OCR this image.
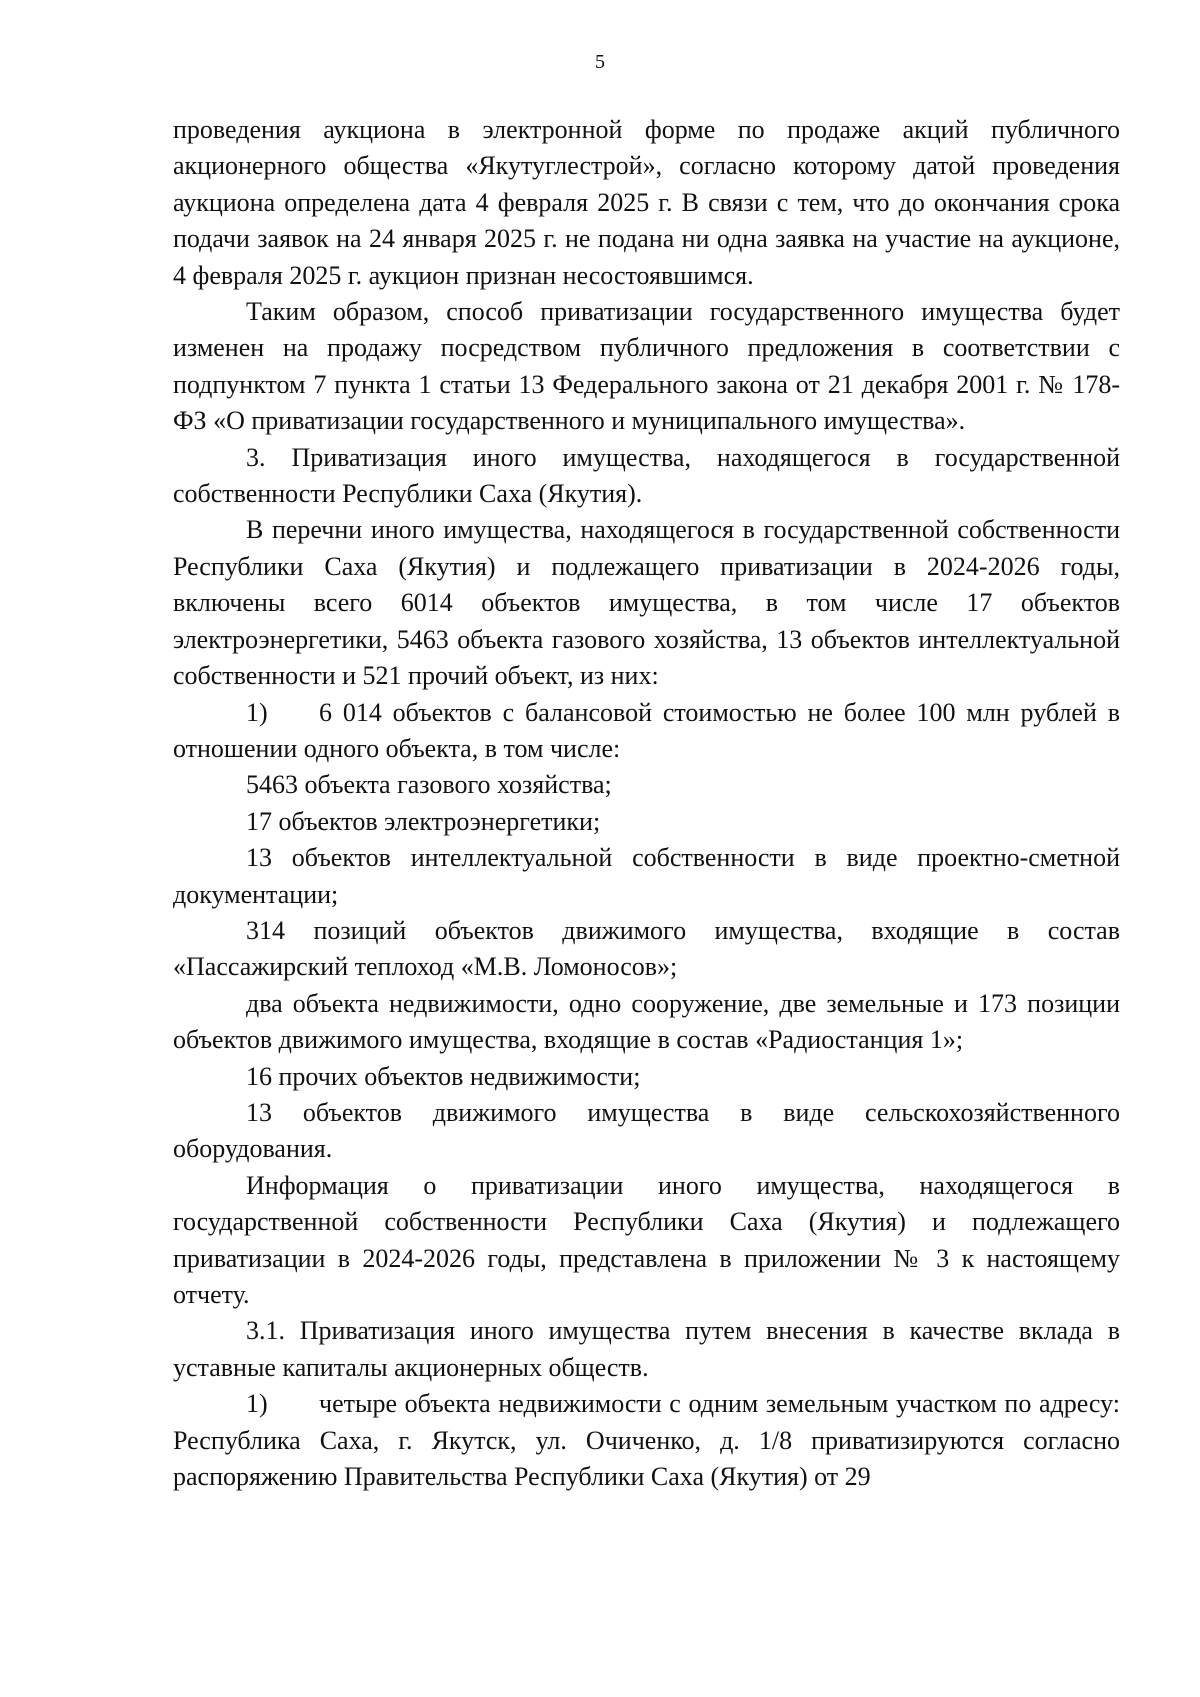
5

проведения аукциона в электронной форме по продаже акций публичного акционерного общества «Якутуглестрой», согласно которому датой проведения аукциона определена дата 4 февраля 2025 г. В связи с тем, что до окончания срока подачи заявок на 24 января 2025 г. не подана ни одна заявка на участие на аукционе, 4 февраля 2025 г. аукцион признан несостоявшимся.

Таким образом, способ приватизации государственного имущества будет изменен на продажу посредством публичного предложения в соответствии с подпунктом 7 пункта 1 статьи 13 Федерального закона от 21 декабря 2001 г. № 178-ФЗ «О приватизации государственного и муниципального имущества».

3. Приватизация иного имущества, находящегося в государственной собственности Республики Саха (Якутия).

В перечни иного имущества, находящегося в государственной собственности Республики Саха (Якутия) и подлежащего приватизации в 2024-2026 годы, включены всего 6014 объектов имущества, в том числе 17 объектов электроэнергетики, 5463 объекта газового хозяйства, 13 объектов интеллектуальной собственности и 521 прочий объект, из них:

1) 6 014 объектов с балансовой стоимостью не более 100 млн рублей в отношении одного объекта, в том числе:

5463 объекта газового хозяйства;

17 объектов электроэнергетики;

13 объектов интеллектуальной собственности в виде проектно-сметной документации;

314 позиций объектов движимого имущества, входящие в состав «Пассажирский теплоход «М.В. Ломоносов»;

два объекта недвижимости, одно сооружение, две земельные и 173 позиции объектов движимого имущества, входящие в состав «Радиостанция 1»;

16 прочих объектов недвижимости;

13 объектов движимого имущества в виде сельскохозяйственного оборудования.

Информация о приватизации иного имущества, находящегося в государственной собственности Республики Саха (Якутия) и подлежащего приватизации в 2024-2026 годы, представлена в приложении № 3 к настоящему отчету.

3.1. Приватизация иного имущества путем внесения в качестве вклада в уставные капиталы акционерных обществ.

1) четыре объекта недвижимости с одним земельным участком по адресу: Республика Саха, г. Якутск, ул. Очиченко, д. 1/8 приватизируются согласно распоряжению Правительства Республики Саха (Якутия) от 29
